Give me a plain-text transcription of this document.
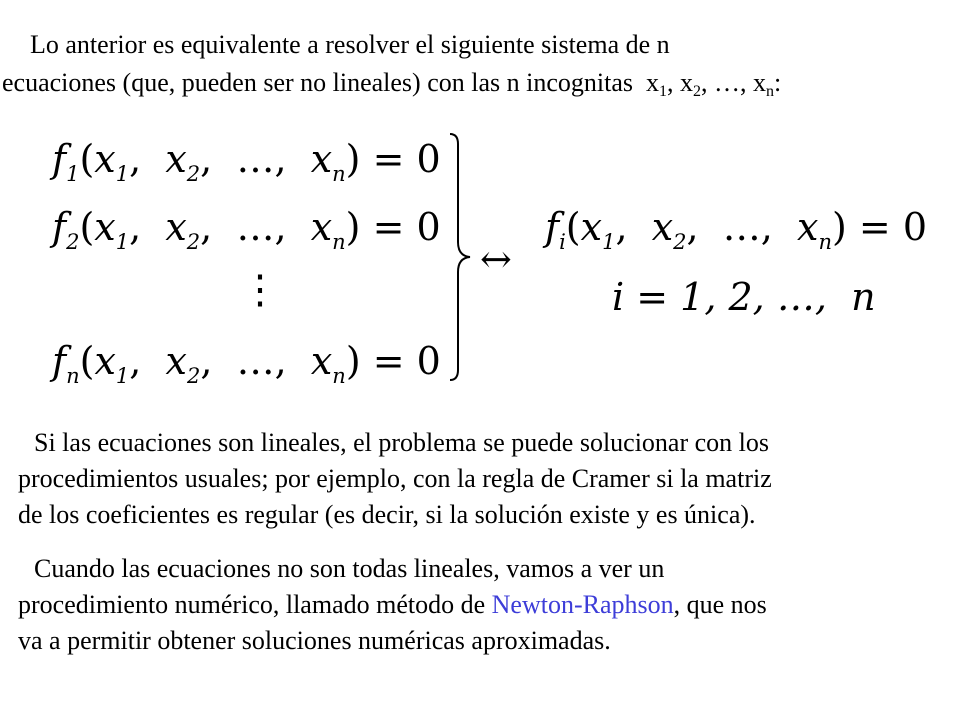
Lo anterior es equivalente a resolver el siguiente sistema de n
ecuaciones (que, pueden ser no lineales) con las n incognitas $x_1$, $x_2$, …, $x_n$:
$f_1(x_1$, $x_2$, …, $x_n) = 0$
$f_2(x_1$, $x_2$, …, $x_n) = 0$
⋮
$f_n(x_1$, $x_2$, …, $x_n) = 0$
↔
$f_i(x_1$, $x_2$, …, $x_n) = 0$
i = 1, 2, …, n
Si las ecuaciones son lineales, el problema se puede solucionar con los
procedimientos usuales; por ejemplo, con la regla de Cramer si la matriz
de los coeficientes es regular (es decir, si la solución existe y es única).
Cuando las ecuaciones no son todas lineales, vamos a ver un
procedimiento numérico, llamado método de Newton-Raphson, que nos
va a permitir obtener soluciones numéricas aproximadas.
